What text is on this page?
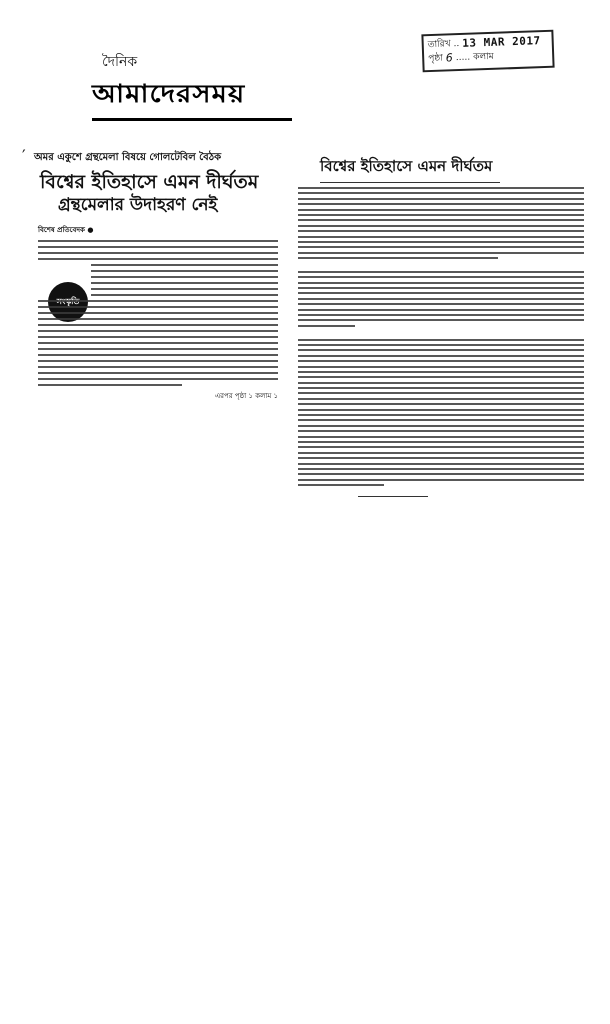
তারিখ .. 13 MAR 2017
পৃষ্ঠা 6 ..... কলাম
দৈনিক
আমাদেরসময়
′ অমর একুশে গ্রন্থমেলা বিষয়ে গোলটেবিল বৈঠক
বিশ্বের ইতিহাসে এমন দীর্ঘতম
গ্রন্থমেলার উদাহরণ নেই
বিশেষ প্রতিবেদক ●
এরপর পৃষ্ঠা ১ কলাম ১
বিশ্বের ইতিহাসে এমন দীর্ঘতম
